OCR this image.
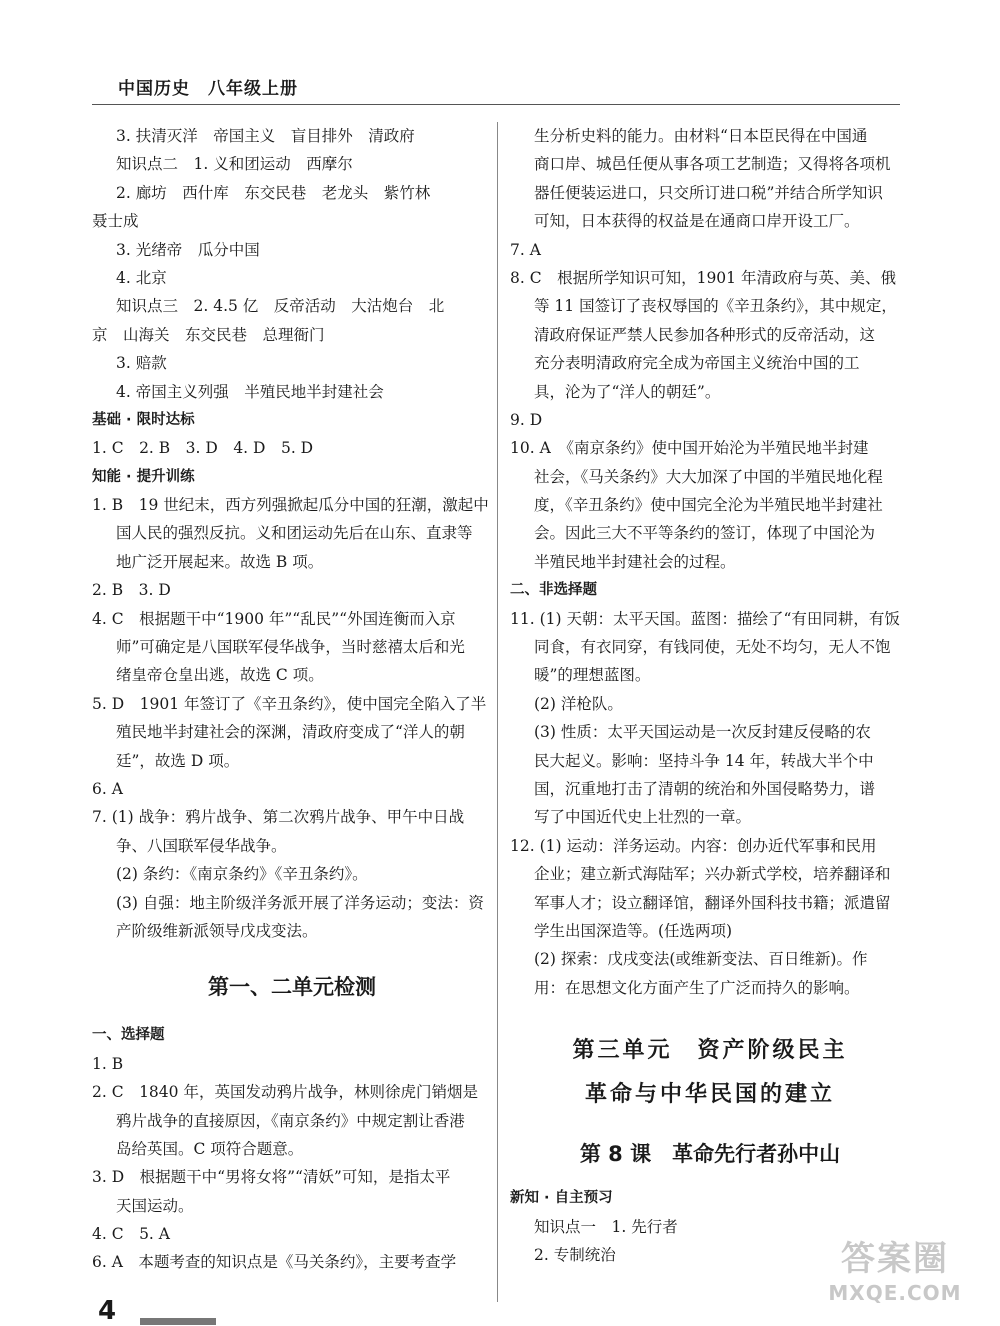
中国历史 八年级上册
3. 扶清灭洋　帝国主义　盲目排外　清政府
知识点二　1. 义和团运动　西摩尔
2. 廊坊　西什库　东交民巷　老龙头　紫竹林
聂士成
3. 光绪帝　瓜分中国
4. 北京
知识点三　2. 4.5 亿　反帝活动　大沽炮台　北
京　山海关　东交民巷　总理衙门
3. 赔款
4. 帝国主义列强　半殖民地半封建社会
基础 · 限时达标
1. C　2. B　3. D　4. D　5. D
知能 · 提升训练
1. B　19 世纪末，西方列强掀起瓜分中国的狂潮，激起中
国人民的强烈反抗。义和团运动先后在山东、直隶等
地广泛开展起来。故选 B 项。
2. B　3. D
4. C　根据题干中“1900 年”“乱民”“外国连衡而入京
师”可确定是八国联军侵华战争，当时慈禧太后和光
绪皇帝仓皇出逃，故选 C 项。
5. D　1901 年签订了《辛丑条约》，使中国完全陷入了半
殖民地半封建社会的深渊，清政府变成了“洋人的朝
廷”，故选 D 项。
6. A
7. (1) 战争：鸦片战争、第二次鸦片战争、甲午中日战
争、八国联军侵华战争。
(2) 条约：《南京条约》《辛丑条约》。
(3) 自强：地主阶级洋务派开展了洋务运动；变法：资
产阶级维新派领导戊戌变法。
第一、二单元检测
一、选择题
1. B
2. C　1840 年，英国发动鸦片战争，林则徐虎门销烟是
鸦片战争的直接原因，《南京条约》中规定割让香港
岛给英国。C 项符合题意。
3. D　根据题干中“男将女将”“清妖”可知，是指太平
天国运动。
4. C　5. A
6. A　本题考查的知识点是《马关条约》，主要考查学
生分析史料的能力。由材料“日本臣民得在中国通
商口岸、城邑任便从事各项工艺制造；又得将各项机
器任便装运进口，只交所订进口税”并结合所学知识
可知，日本获得的权益是在通商口岸开设工厂。
7. A
8. C　根据所学知识可知，1901 年清政府与英、美、俄
等 11 国签订了丧权辱国的《辛丑条约》，其中规定，
清政府保证严禁人民参加各种形式的反帝活动，这
充分表明清政府完全成为帝国主义统治中国的工
具，沦为了“洋人的朝廷”。
9. D
10. A　《南京条约》使中国开始沦为半殖民地半封建
社会，《马关条约》大大加深了中国的半殖民地化程
度，《辛丑条约》使中国完全沦为半殖民地半封建社
会。因此三大不平等条约的签订，体现了中国沦为
半殖民地半封建社会的过程。
二、非选择题
11. (1) 天朝：太平天国。蓝图：描绘了“有田同耕，有饭
同食，有衣同穿，有钱同使，无处不均匀，无人不饱
暖”的理想蓝图。
(2) 洋枪队。
(3) 性质：太平天国运动是一次反封建反侵略的农
民大起义。影响：坚持斗争 14 年，转战大半个中
国，沉重地打击了清朝的统治和外国侵略势力，谱
写了中国近代史上壮烈的一章。
12. (1) 运动：洋务运动。内容：创办近代军事和民用
企业；建立新式海陆军；兴办新式学校，培养翻译和
军事人才；设立翻译馆，翻译外国科技书籍；派遣留
学生出国深造等。(任选两项)
(2) 探索：戊戌变法(或维新变法、百日维新)。作
用：在思想文化方面产生了广泛而持久的影响。
第三单元　资产阶级民主
革命与中华民国的建立
第 8 课　革命先行者孙中山
新知 · 自主预习
知识点一　1. 先行者
2. 专制统治
4
答案圈
MXQE.COM
